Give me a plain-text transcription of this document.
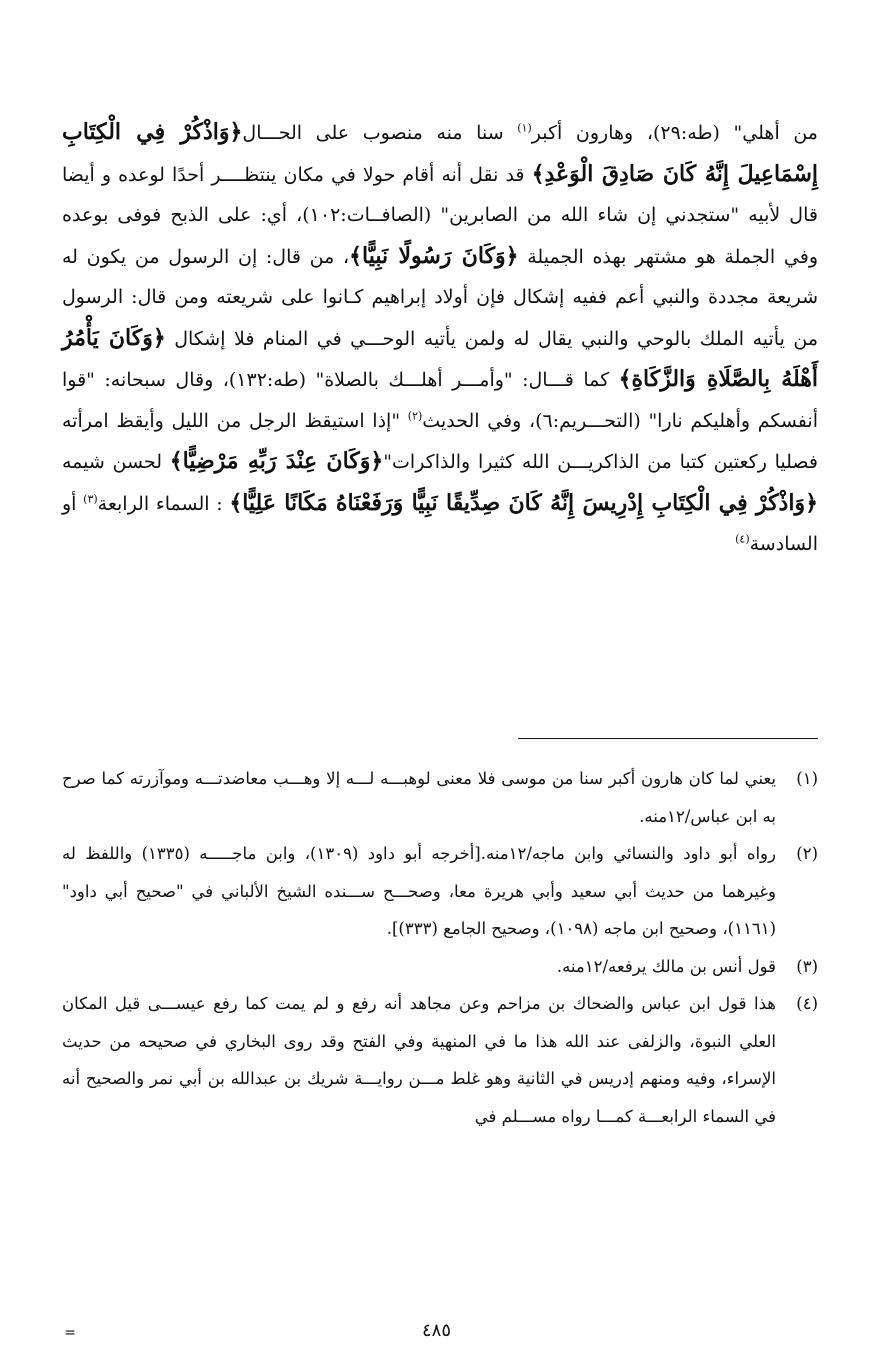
من أهلي" (طه:٢٩)، وهارون أكبر$^{(١)}$ سنا منه منصوب على الحـــال﴿وَاذْكُرْ فِي الْكِتَابِ إِسْمَاعِيلَ إِنَّهُ كَانَ صَادِقَ الْوَعْدِ﴾ قد نقل أنه أقام حولا في مكان ينتظــــر أحدًا لوعده و أيضا قال لأبيه "ستجدني إن شاء الله من الصابرين" (الصافــات:١٠٢)، أي: على الذبح فوفى بوعده وفي الجملة هو مشتهر بهذه الجميلة ﴿وَكَانَ رَسُولًا نَبِيًّا﴾، من قال: إن الرسول من يكون له شريعة مجددة والنبي أعم ففيه إشكال فإن أولاد إبراهيم كـانوا على شريعته ومن قال: الرسول من يأتيه الملك بالوحي والنبي يقال له ولمن يأتيه الوحـــي في المنام فلا إشكال ﴿وَكَانَ يَأْمُرُ أَهْلَهُ بِالصَّلَاةِ وَالزَّكَاةِ﴾ كما قـــال: "وأمـــر أهلـــك بالصلاة" (طه:١٣٢)، وقال سبحانه: "قوا أنفسكم وأهليكم نارا" (التحـــريم:٦)، وفي الحديث$^{(٢)}$ "إذا استيقظ الرجل من الليل وأيقظ امرأته فصليا ركعتين كتبا من الذاكريـــن الله كثيرا والذاكرات"﴿وَكَانَ عِنْدَ رَبِّهِ مَرْضِيًّا﴾ لحسن شيمه ﴿وَاذْكُرْ فِي الْكِتَابِ إِدْرِيسَ إِنَّهُ كَانَ صِدِّيقًا نَبِيًّا وَرَفَعْنَاهُ مَكَانًا عَلِيًّا﴾ : السماء الرابعة$^{(٣)}$ أو السادسة$^{(٤)}$

(١)يعني لما كان هارون أكبر سنا من موسى فلا معنى لوهبـــه لـــه إلا وهـــب معاضدتـــه وموآزرته كما صرح به ابن عباس/١٢منه.
(٢)رواه أبو داود والنسائي وابن ماجه/١٢منه.[أخرجه أبو داود (١٣٠٩)، وابن ماجـــــه (١٣٣٥) واللفظ له وغيرهما من حديث أبي سعيد وأبي هريرة معا، وصحـــح ســـنده الشيخ الألباني في "صحيح أبي داود" (١١٦١)، وصحيح ابن ماجه (١٠٩٨)، وصحيح الجامع (٣٣٣)].
(٣)قول أنس بن مالك يرفعه/١٢منه.
(٤)هذا قول ابن عباس والضحاك بن مزاحم وعن مجاهد أنه رفع و لم يمت كما رفع عيســـى قيل المكان العلي النبوة، والزلفى عند الله هذا ما في المنهية وفي الفتح وقد روى البخاري في صحيحه من حديث الإسراء، وفيه ومنهم إدريس في الثانية وهو غلط مـــن روايـــة شريك بن عبدالله بن أبي نمر والصحيح أنه في السماء الرابعـــة كمـــا رواه مســـلم في
=	٤٨٥
